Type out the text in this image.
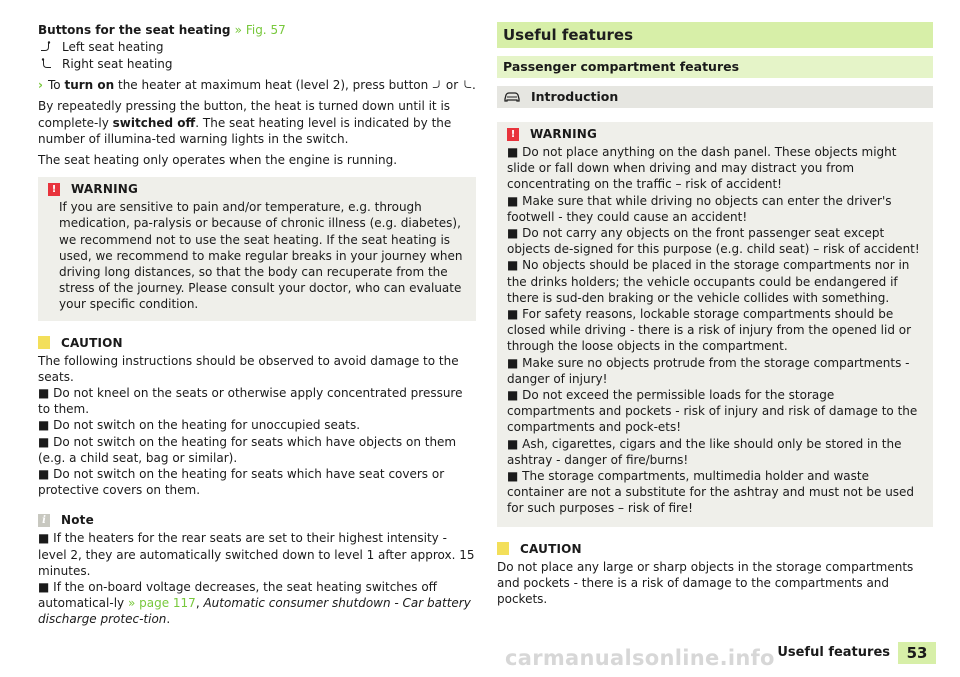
Buttons for the seat heating » Fig. 57
Left seat heating
Right seat heating
› To turn on the heater at maximum heat (level 2), press button  or .

By repeatedly pressing the button, the heat is turned down until it is complete-ly switched off. The seat heating level is indicated by the number of illumina-ted warning lights in the switch.

The seat heating only operates when the engine is running.

!	WARNING
If you are sensitive to pain and/or temperature, e.g. through medication, pa-ralysis or because of chronic illness (e.g. diabetes), we recommend not to use the seat heating. If the seat heating is used, we recommend to make regular breaks in your journey when driving long distances, so that the body can recuperate from the stress of the journey. Please consult your doctor, who can evaluate your specific condition.
!	CAUTION
The following instructions should be observed to avoid damage to the seats.
■ Do not kneel on the seats or otherwise apply concentrated pressure to them.
■ Do not switch on the heating for unoccupied seats.
■ Do not switch on the heating for seats which have objects on them (e.g. a child seat, bag or similar).
■ Do not switch on the heating for seats which have seat covers or protective covers on them.
i	Note
■ If the heaters for the rear seats are set to their highest intensity - level 2, they are automatically switched down to level 1 after approx. 15 minutes.
■ If the on-board voltage decreases, the seat heating switches off automatical-ly » page 117, Automatic consumer shutdown - Car battery discharge protec-tion.
Useful features
Passenger compartment features
Introduction
!	WARNING
■ Do not place anything on the dash panel. These objects might slide or fall down when driving and may distract you from concentrating on the traffic – risk of accident!
■ Make sure that while driving no objects can enter the driver's footwell - they could cause an accident!
■ Do not carry any objects on the front passenger seat except objects de-signed for this purpose (e.g. child seat) – risk of accident!
■ No objects should be placed in the storage compartments nor in the drinks holders; the vehicle occupants could be endangered if there is sud-den braking or the vehicle collides with something.
■ For safety reasons, lockable storage compartments should be closed while driving - there is a risk of injury from the opened lid or through the loose objects in the compartment.
■ Make sure no objects protrude from the storage compartments - danger of injury!
■ Do not exceed the permissible loads for the storage compartments and pockets - risk of injury and risk of damage to the compartments and pock-ets!
■ Ash, cigarettes, cigars and the like should only be stored in the ashtray - danger of fire/burns!
■ The storage compartments, multimedia holder and waste container are not a substitute for the ashtray and must not be used for such purposes – risk of fire!
!	CAUTION
Do not place any large or sharp objects in the storage compartments and pockets - there is a risk of damage to the compartments and pockets.
carmanualsonline.info Useful features	53
